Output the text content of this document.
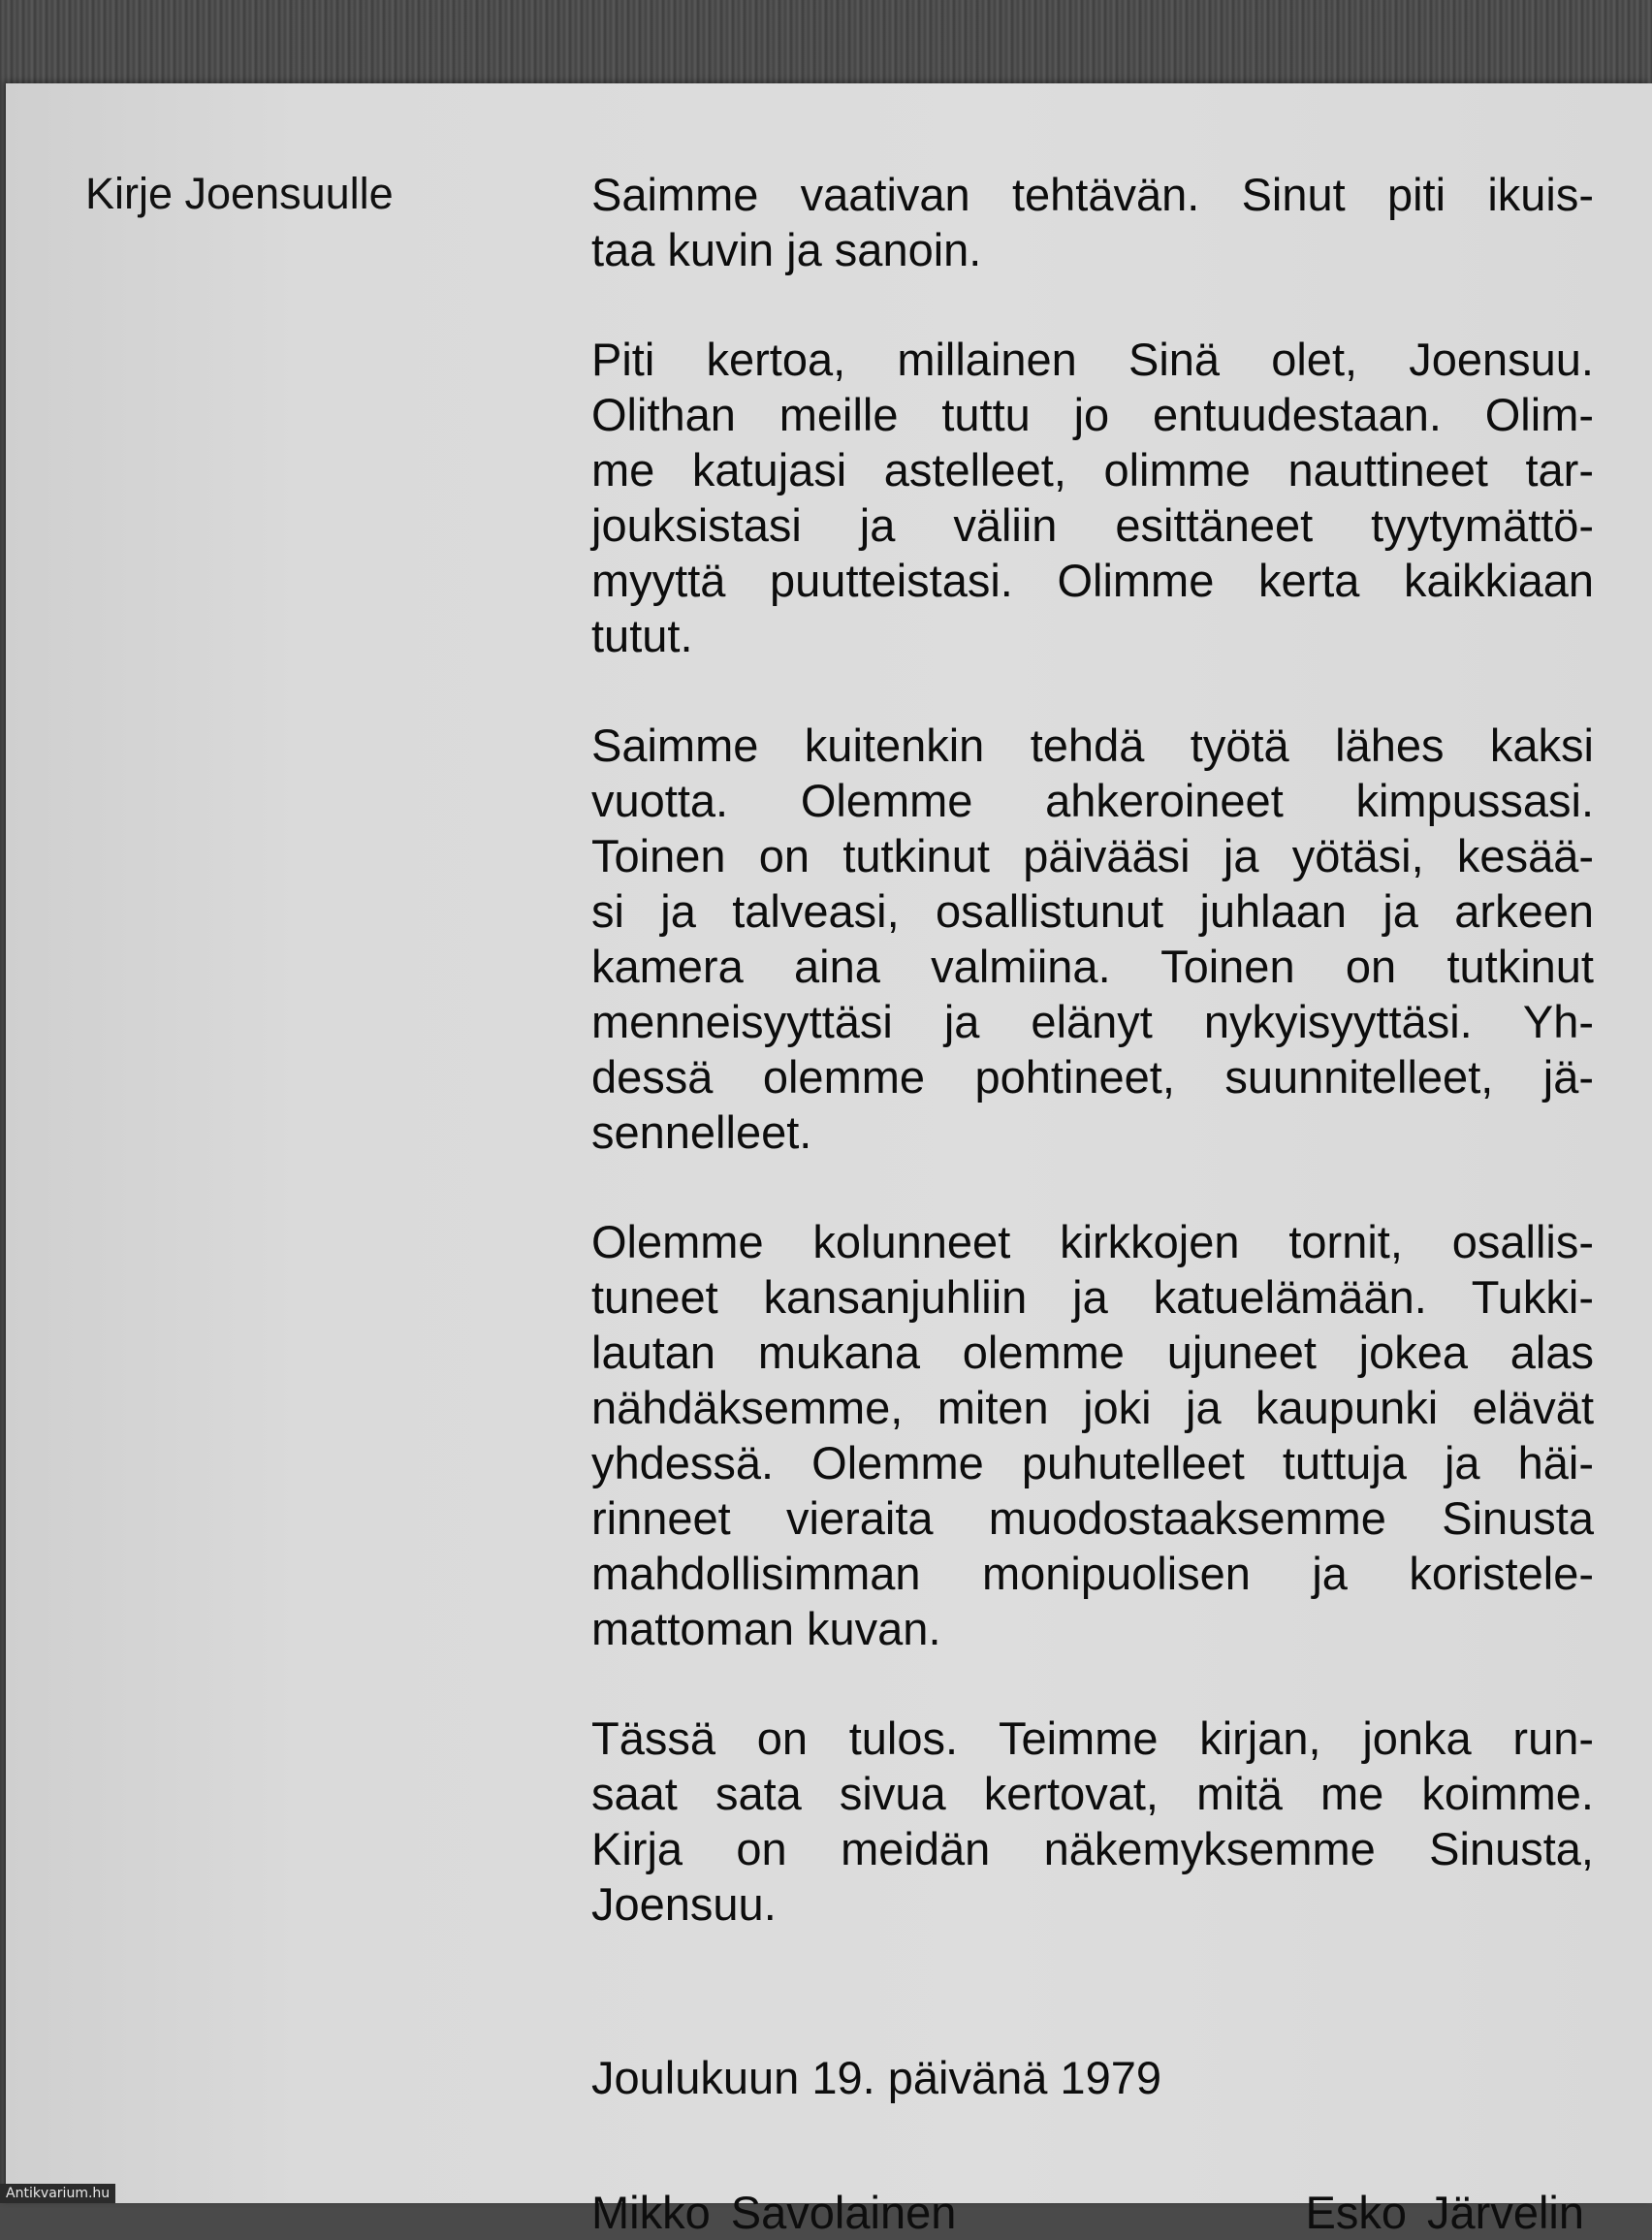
Kirje Joensuulle	Saimme vaativan tehtävän. Sinut piti ikuis-
taa kuvin ja sanoin.

Piti kertoa, millainen Sinä olet, Joensuu.
Olithan meille tuttu jo entuudestaan. Olim-
me katujasi astelleet, olimme nauttineet tar-
jouksistasi ja väliin esittäneet tyytymättö-
myyttä puutteistasi. Olimme kerta kaikkiaan
tutut.

Saimme kuitenkin tehdä työtä lähes kaksi
vuotta. Olemme ahkeroineet kimpussasi.
Toinen on tutkinut päivääsi ja yötäsi, kesää-
si ja talveasi, osallistunut juhlaan ja arkeen
kamera aina valmiina. Toinen on tutkinut
menneisyyttäsi ja elänyt nykyisyyttäsi. Yh-
dessä olemme pohtineet, suunnitelleet, jä-
sennelleet.

Olemme kolunneet kirkkojen tornit, osallis-
tuneet kansanjuhliin ja katuelämään. Tukki-
lautan mukana olemme ujuneet jokea alas
nähdäksemme, miten joki ja kaupunki elävät
yhdessä. Olemme puhutelleet tuttuja ja häi-
rinneet vieraita muodostaaksemme Sinusta
mahdollisimman monipuolisen ja koristele-
mattoman kuvan.

Tässä on tulos. Teimme kirjan, jonka run-
saat sata sivua kertovat, mitä me koimme.
Kirja on meidän näkemyksemme Sinusta,
Joensuu.

Joulukuun 19. päivänä 1979

Mikko Savolainen	Esko Järvelin

Antikvarium.hu
